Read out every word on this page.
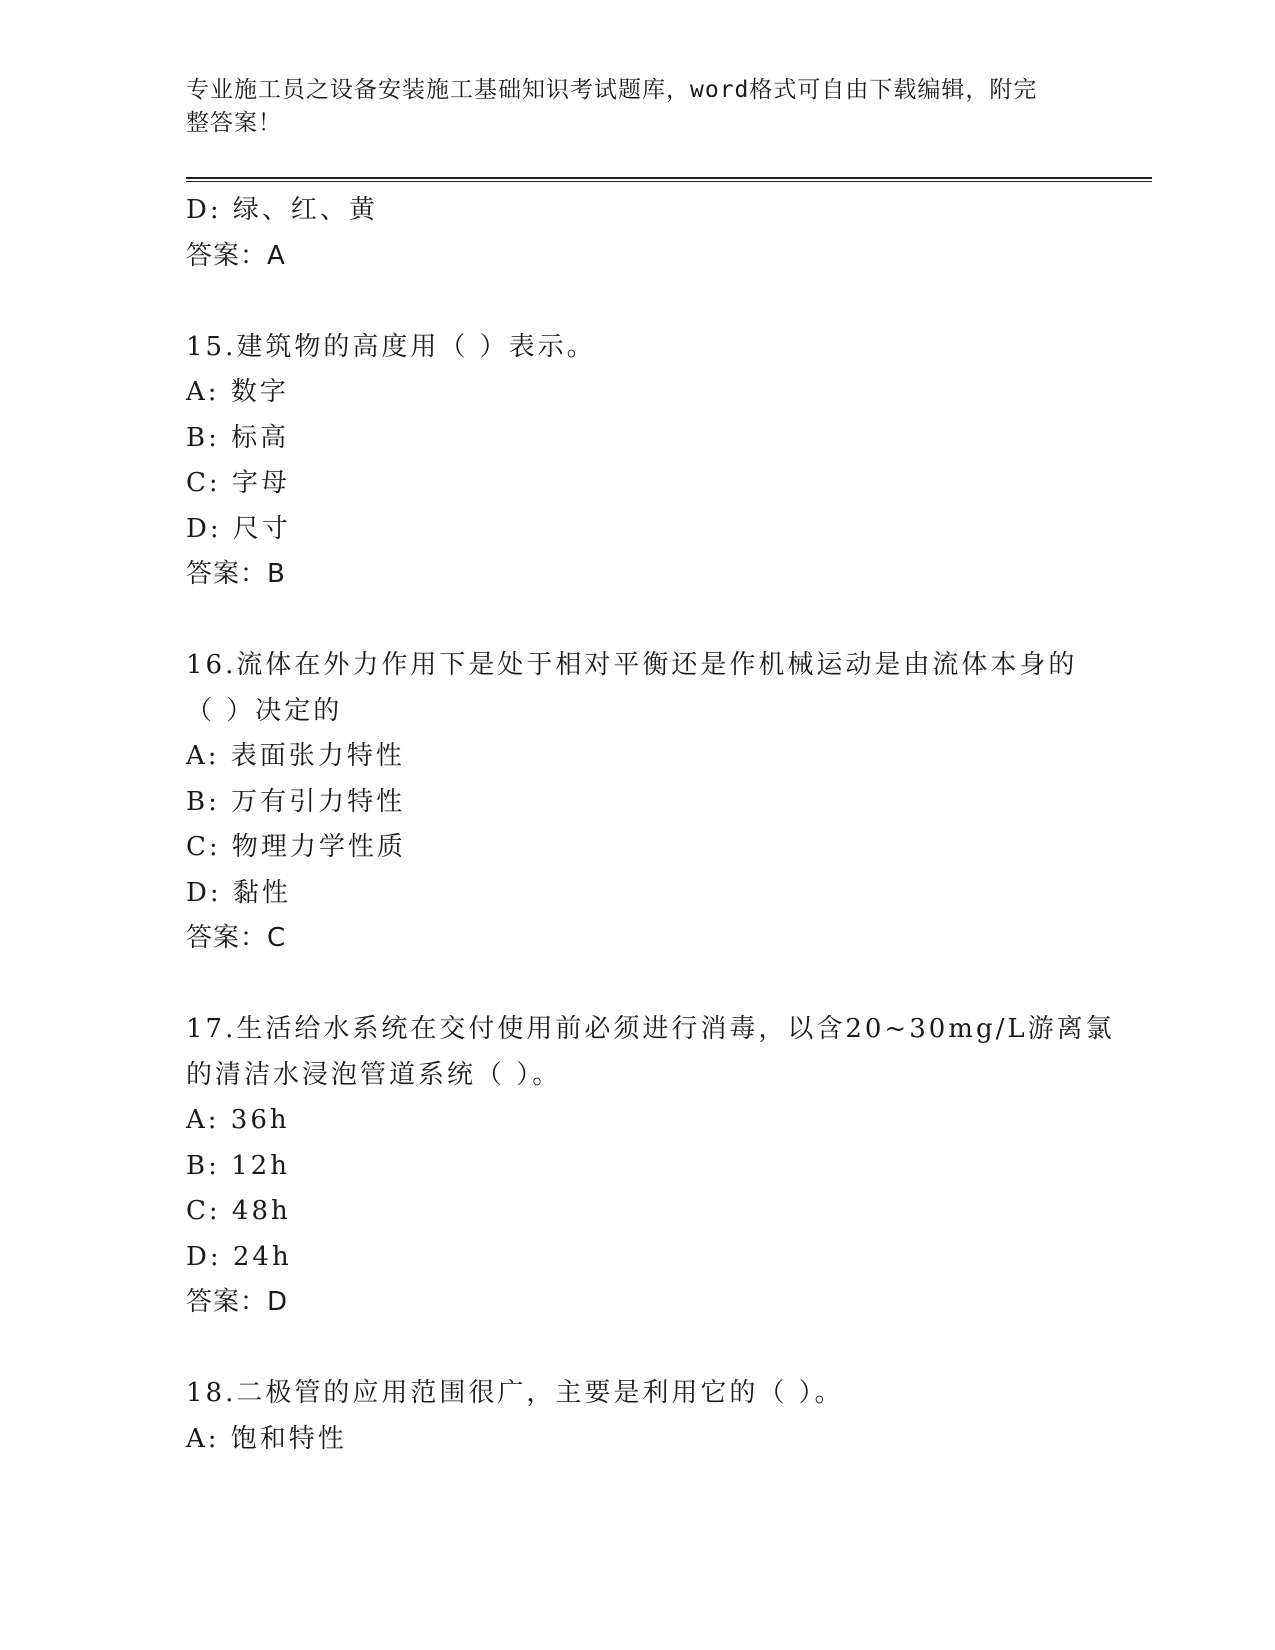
专业施工员之设备安装施工基础知识考试题库，word格式可自由下载编辑，附完
整答案！
D: 绿、红、黄
答案：A
15.建筑物的高度用（ ）表示。
A: 数字
B: 标高
C: 字母
D: 尺寸
答案：B
16.流体在外力作用下是处于相对平衡还是作机械运动是由流体本身的
（ ）决定的
A: 表面张力特性
B: 万有引力特性
C: 物理力学性质
D: 黏性
答案：C
17.生活给水系统在交付使用前必须进行消毒，以含20~30mg/L游离氯
的清洁水浸泡管道系统（ ）。
A: 36h
B: 12h
C: 48h
D: 24h
答案：D
18.二极管的应用范围很广，主要是利用它的（ ）。
A: 饱和特性
